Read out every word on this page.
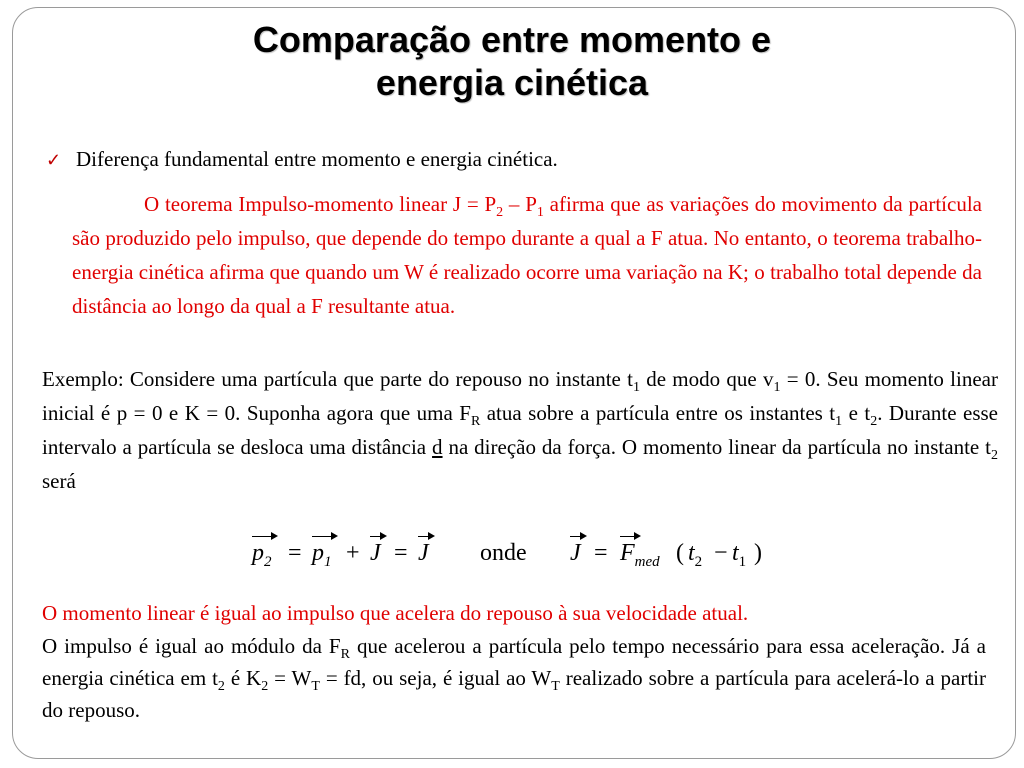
Comparação entre momento e
energia cinética
✓ Diferença fundamental entre momento e energia cinética.
O teorema Impulso-momento linear $J = P_2 - P_1$ afirma que as variações do movimento da partícula são produzido pelo impulso, que depende do tempo durante a qual a F atua. No entanto, o teorema trabalho-energia cinética afirma que quando um W é realizado ocorre uma variação na K; o trabalho total depende da distância ao longo da qual a F resultante atua.
Exemplo: Considere uma partícula que parte do repouso no instante $t_1$ de modo que $v_1 = 0$. Seu momento linear inicial é p = 0 e K = 0. Suponha agora que uma $F_R$ atua sobre a partícula entre os instantes $t_1$ e $t_2$. Durante esse intervalo a partícula se desloca uma distância d na direção da força. O momento linear da partícula no instante $t_2$ será
$p_2 = p_1 + J = J$ onde $J = F_{med}$ ( $t_2 - t_1$ )
O momento linear é igual ao impulso que acelera do repouso à sua velocidade atual.
O impulso é igual ao módulo da $F_R$ que acelerou a partícula pelo tempo necessário para essa aceleração. Já a energia cinética em $t_2$ é $K_2 = W_T$ = fd, ou seja, é igual ao $W_T$ realizado sobre a partícula para acelerá-lo a partir do repouso.
